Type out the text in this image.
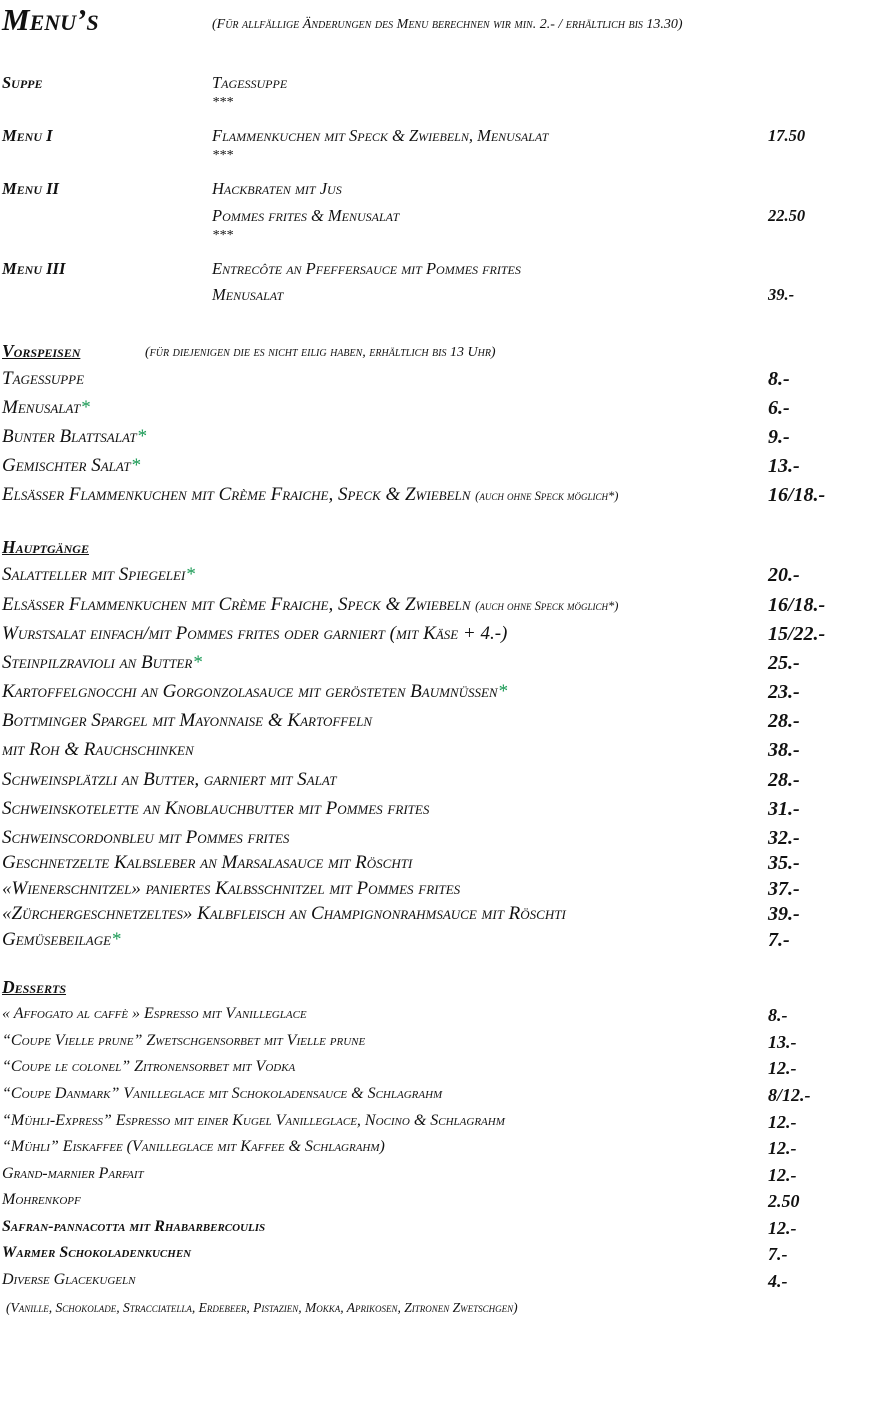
Menu’s	(Für allfällige Änderungen des Menu berechnen wir min. 2.- / erhältlich bis 13.30)
Suppe	Tagessuppe
***
Menu I	Flammenkuchen mit Speck & Zwiebeln, Menusalat	17.50
***
Menu II	Hackbraten mit Jus
Pommes frites & Menusalat	22.50
***
Menu III	Entrecôte an Pfeffersauce mit Pommes frites
Menusalat	39.-
Vorspeisen	(für diejenigen die es nicht eilig haben, erhältlich bis 13 Uhr)
Tagessuppe	8.-
Menusalat*	6.-
Bunter Blattsalat*	9.-
Gemischter Salat*	13.-
Elsässer Flammenkuchen mit Crème Fraiche, Speck & Zwiebeln (auch ohne Speck möglich*)	16/18.-
Hauptgänge
Salatteller mit Spiegelei*	20.-
Elsässer Flammenkuchen mit Crème Fraiche, Speck & Zwiebeln (auch ohne Speck möglich*)	16/18.-
Wurstsalat einfach/mit Pommes frites oder garniert (mit Käse + 4.-)	15/22.-
Steinpilzravioli an Butter*	25.-
Kartoffelgnocchi an Gorgonzolasauce mit gerösteten Baumnüssen*	23.-
Bottminger Spargel mit Mayonnaise & Kartoffeln	28.-
mit Roh & Rauchschinken	38.-
Schweinsplätzli an Butter, garniert mit Salat	28.-
Schweinskotelette an Knoblauchbutter mit Pommes frites	31.-
Schweinscordonbleu mit Pommes frites	32.-
Geschnetzelte Kalbsleber an Marsalasauce mit Röschti	35.-
«Wienerschnitzel» paniertes Kalbsschnitzel mit Pommes frites	37.-
«Zürchergeschnetzeltes» Kalbfleisch an Champignonrahmsauce mit Röschti	39.-
Gemüsebeilage*	7.-
Desserts
« Affogato al caffè » Espresso mit Vanilleglace	8.-
“Coupe Vielle prune” Zwetschgensorbet mit Vielle prune	13.-
“Coupe le colonel” Zitronensorbet mit Vodka	12.-
“Coupe Danmark” Vanilleglace mit Schokoladensauce & Schlagrahm	8/12.-
“Mühli-Express” Espresso mit einer Kugel Vanilleglace, Nocino & Schlagrahm	12.-
“Mühli” Eiskaffee (Vanilleglace mit Kaffee & Schlagrahm)	12.-
Grand-marnier Parfait	12.-
Mohrenkopf	2.50
Safran-pannacotta mit Rhabarbercoulis	12.-
Warmer Schokoladenkuchen	7.-
Diverse Glacekugeln	4.-
(Vanille, Schokolade, Stracciatella, Erdebeer, Pistazien, Mokka, Aprikosen, Zitronen Zwetschgen)
